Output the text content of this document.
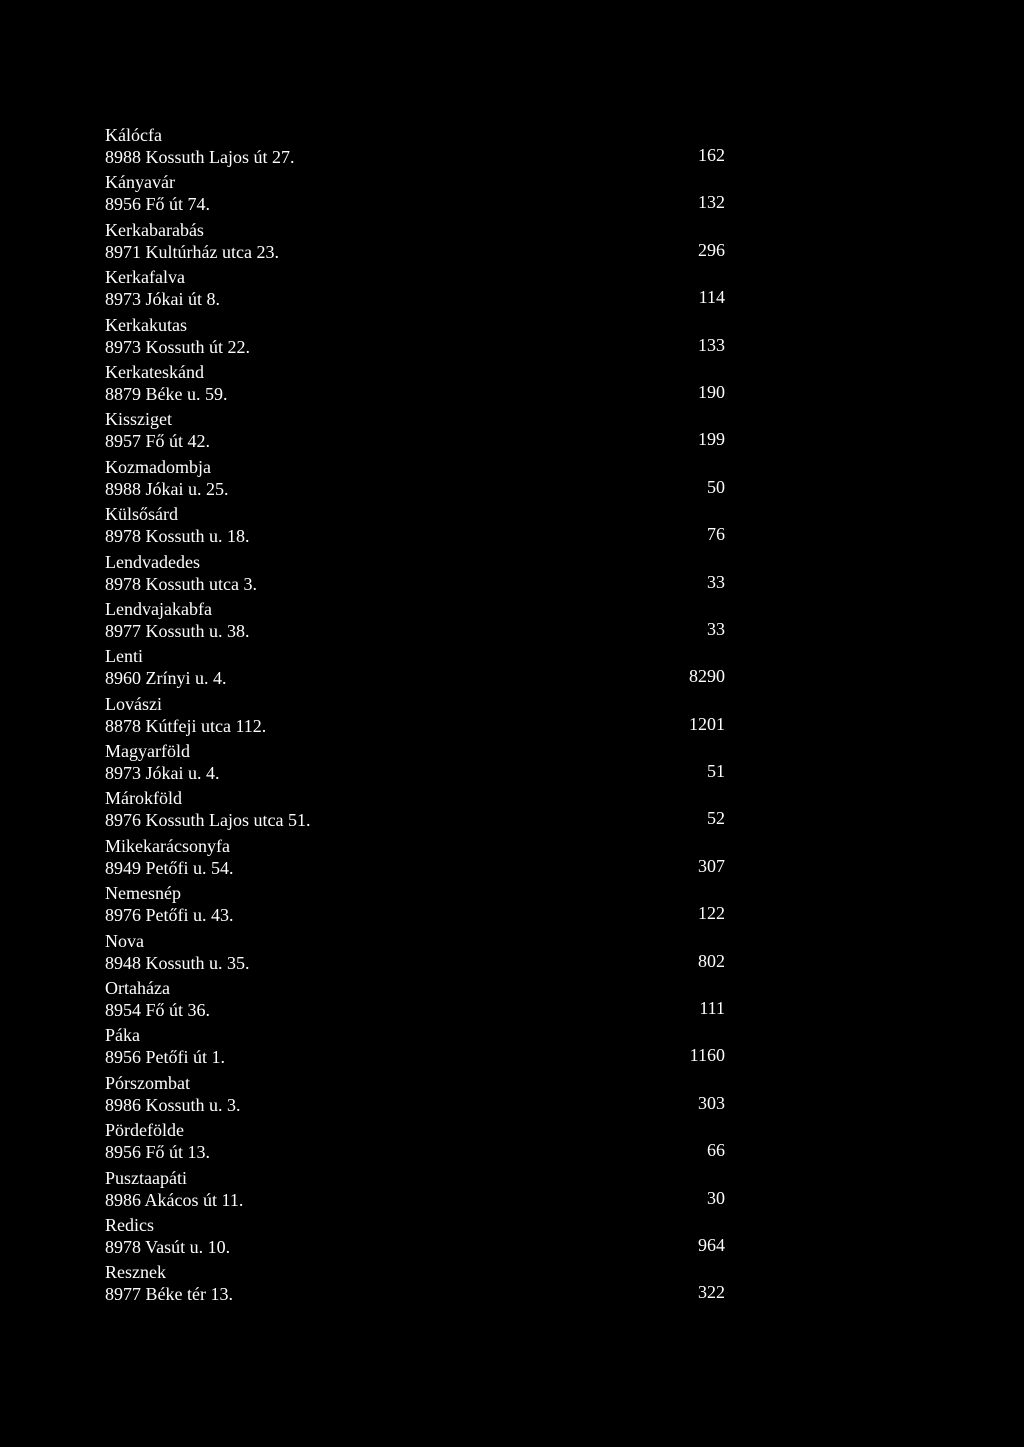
Kálócfa
8988 Kossuth Lajos út 27.	162
Kányavár
8956 Fő út 74.	132
Kerkabarabás
8971 Kultúrház utca 23.	296
Kerkafalva
8973 Jókai út 8.	114
Kerkakutas
8973 Kossuth út 22.	133
Kerkateskánd
8879 Béke u. 59.	190
Kissziget
8957 Fő út 42.	199
Kozmadombja
8988 Jókai u. 25.	50
Külsősárd
8978 Kossuth u. 18.	76
Lendvadedes
8978 Kossuth utca 3.	33
Lendvajakabfa
8977 Kossuth u. 38.	33
Lenti
8960 Zrínyi u. 4.	8290
Lovászi
8878 Kútfeji utca 112.	1201
Magyarföld
8973 Jókai u. 4.	51
Márokföld
8976 Kossuth Lajos utca 51.	52
Mikekarácsonyfa
8949 Petőfi u. 54.	307
Nemesnép
8976 Petőfi u. 43.	122
Nova
8948 Kossuth u. 35.	802
Ortaháza
8954 Fő út 36.	111
Páka
8956 Petőfi út 1.	1160
Pórszombat
8986 Kossuth u. 3.	303
Pördefölde
8956 Fő út 13.	66
Pusztaapáti
8986 Akácos út 11.	30
Redics
8978 Vasút u. 10.	964
Resznek
8977 Béke tér 13.	322
